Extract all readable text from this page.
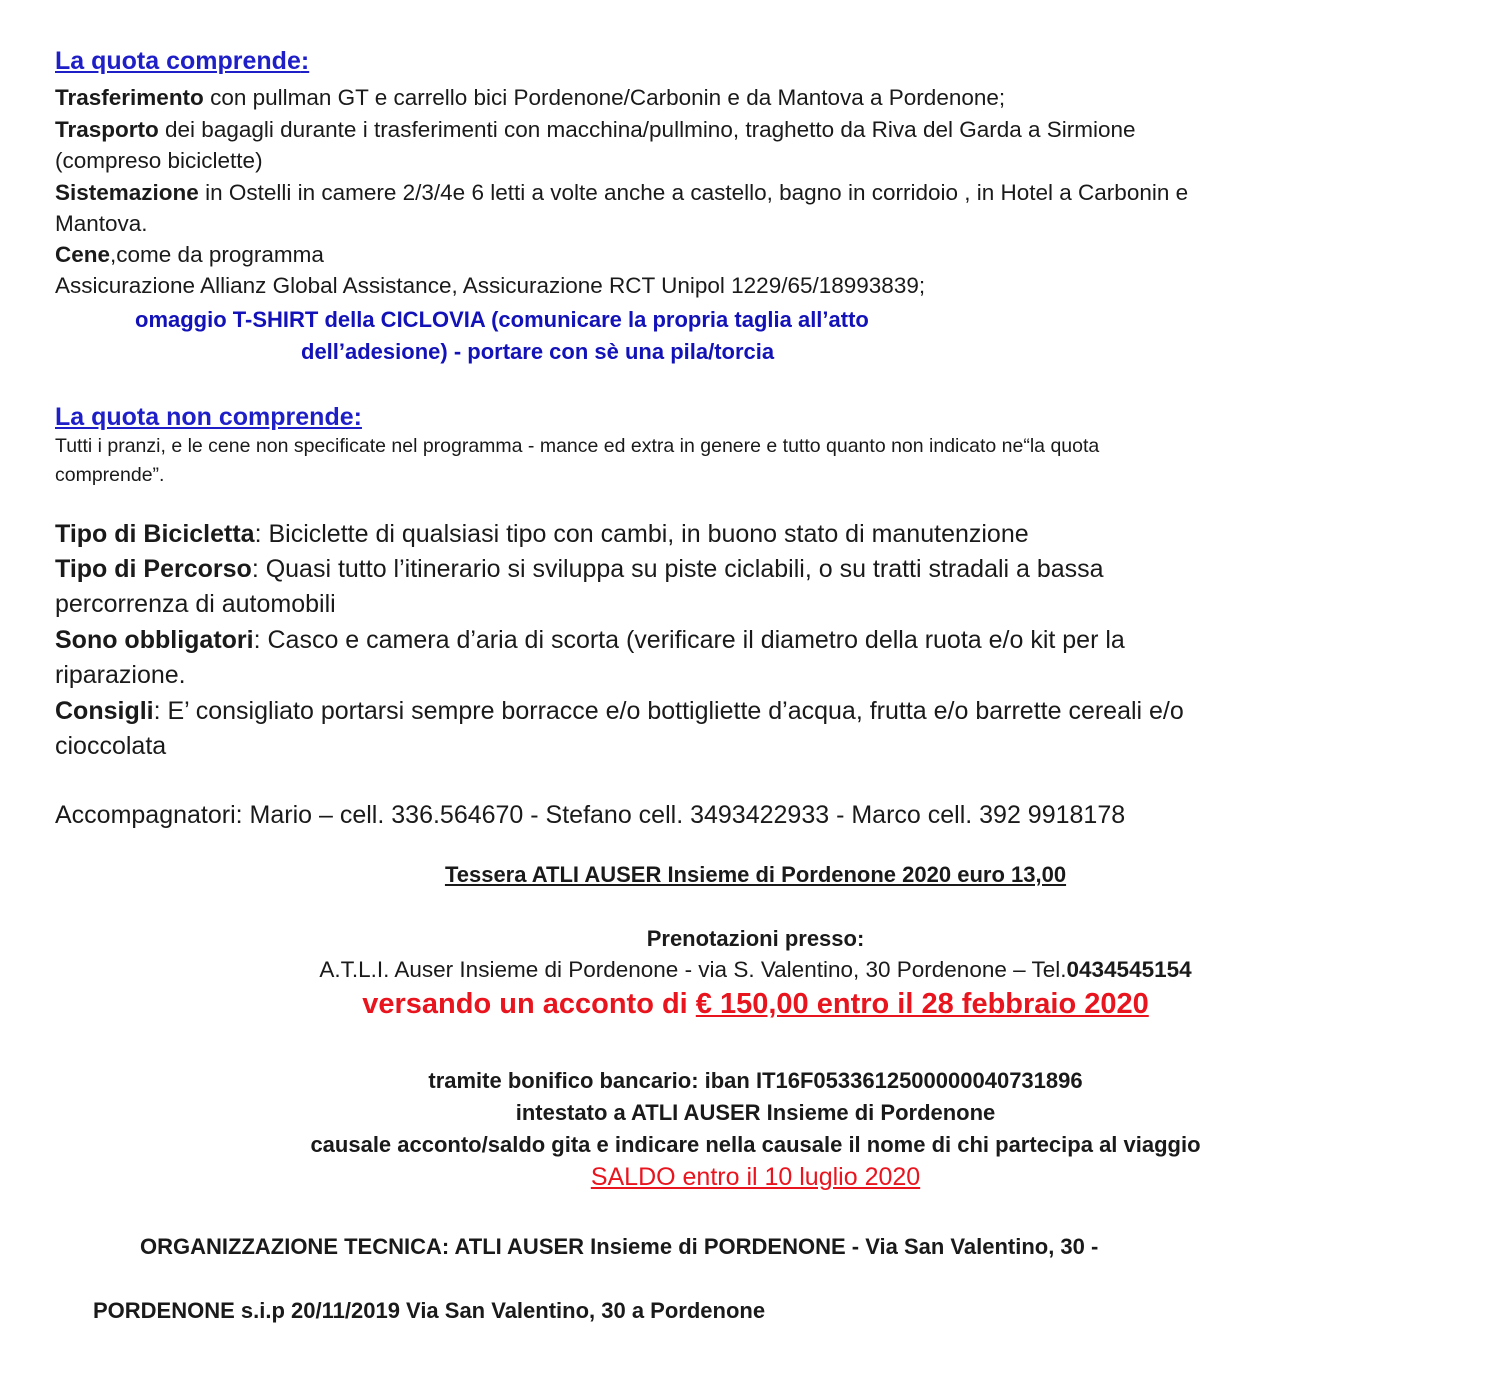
La quota comprende:

Trasferimento con pullman GT e carrello bici Pordenone/Carbonin e da Mantova a Pordenone;

Trasporto dei bagagli durante i trasferimenti con macchina/pullmino, traghetto da Riva del Garda a Sirmione

(compreso biciclette)

Sistemazione in Ostelli in camere 2/3/4e 6 letti a volte anche a castello, bagno in corridoio , in Hotel a Carbonin e

Mantova.

Cene,come da programma

Assicurazione Allianz Global Assistance, Assicurazione RCT Unipol 1229/65/18993839;

omaggio T-SHIRT della CICLOVIA (comunicare la propria taglia all’atto

dell’adesione) - portare con sè una pila/torcia

La quota non comprende:

Tutti i pranzi, e le cene non specificate nel programma - mance ed extra in genere e tutto quanto non indicato ne“la quota

comprende”.

Tipo di Bicicletta: Biciclette di qualsiasi tipo con cambi, in buono stato di manutenzione

Tipo di Percorso: Quasi tutto l’itinerario si sviluppa su piste ciclabili, o su tratti stradali a bassa

percorrenza di automobili

Sono obbligatori: Casco e camera d’aria di scorta (verificare il diametro della ruota e/o kit per la

riparazione.

Consigli: E’ consigliato portarsi sempre borracce e/o bottigliette d’acqua, frutta e/o barrette cereali e/o

cioccolata

Accompagnatori: Mario – cell. 336.564670 - Stefano cell. 3493422933 - Marco cell. 392 9918178

Tessera ATLI AUSER Insieme di Pordenone 2020 euro 13,00

Prenotazioni presso:

A.T.L.I. Auser Insieme di Pordenone - via S. Valentino, 30 Pordenone – Tel.0434545154

versando un acconto di € 150,00 entro il 28 febbraio 2020

tramite bonifico bancario: iban IT16F0533612500000040731896

intestato a ATLI AUSER Insieme di Pordenone

causale acconto/saldo gita e indicare nella causale il nome di chi partecipa al viaggio

SALDO entro il 10 luglio 2020

ORGANIZZAZIONE TECNICA: ATLI AUSER Insieme di PORDENONE - Via San Valentino, 30 -

PORDENONE s.i.p 20/11/2019 Via San Valentino, 30 a Pordenone
